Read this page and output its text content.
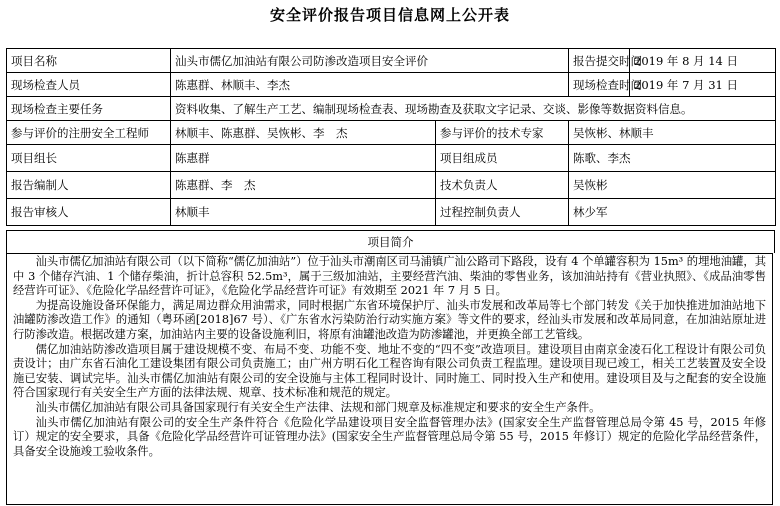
安全评价报告项目信息网上公开表
项目名称	汕头市儒亿加油站有限公司防渗改造项目安全评价		报告提交时间	2019 年 8 月 14 日
现场检查人员	陈惠群、林顺丰、李杰		现场检查时间	2019 年 7 月 31 日
现场检查主要任务	资料收集、了解生产工艺、编制现场检查表、现场勘查及获取文字记录、交谈、影像等数据资料信息。			
参与评价的注册安全工程师	林顺丰、陈惠群、吴恢彬、李　杰	参与评价的技术专家	吴恢彬、林顺丰	
项目组长	陈惠群	项目组成员	陈歌、李杰	
报告编制人	陈惠群、李　杰	技术负责人	吴恢彬	
报告审核人	林顺丰	过程控制负责人	林少军	
项目简介

汕头市儒亿加油站有限公司（以下简称“儒亿加油站”）位于汕头市潮南区司马浦镇广汕公路司下路段，设有 4 个单罐容积为 15m³ 的埋地油罐，其中 3 个储存汽油、1 个储存柴油，折计总容积 52.5m³，属于三级加油站，主要经营汽油、柴油的零售业务，该加油站持有《营业执照》、《成品油零售经营许可证》、《危险化学品经营许可证》，《危险化学品经营许可证》有效期至 2021 年 7 月 5 日。

为提高设施设备环保能力，满足周边群众用油需求，同时根据广东省环境保护厅、汕头市发展和改革局等七个部门转发《关于加快推进加油站地下油罐防渗改造工作》的通知（粤环函[2018]67 号）、《广东省水污染防治行动实施方案》等文件的要求，经汕头市发展和改革局同意，在加油站原址进行防渗改造。根据改建方案，加油站内主要的设备设施利旧，将原有油罐池改造为防渗罐池，并更换全部工艺管线。

儒亿加油站防渗改造项目属于建设规模不变、布局不变、功能不变、地址不变的“四不变”改造项目。建设项目由南京金凌石化工程设计有限公司负责设计；由广东省石油化工建设集团有限公司负责施工；由广州方明石化工程咨询有限公司负责工程监理。建设项目现已竣工，相关工艺装置及安全设施已安装、调试完毕。汕头市儒亿加油站有限公司的安全设施与主体工程同时设计、同时施工、同时投入生产和使用。建设项目及与之配套的安全设施符合国家现行有关安全生产方面的法律法规、规章、技术标准和规范的规定。

汕头市儒亿加油站有限公司具备国家现行有关安全生产法律、法规和部门规章及标准规定和要求的安全生产条件。

汕头市儒亿加油站有限公司的安全生产条件符合《危险化学品建设项目安全监督管理办法》(国家安全生产监督管理总局令第 45 号，2015 年修订）规定的安全要求，具备《危险化学品经营许可证管理办法》(国家安全生产监督管理总局令第 55 号，2015 年修订）规定的危险化学品经营条件，具备安全设施竣工验收条件。
